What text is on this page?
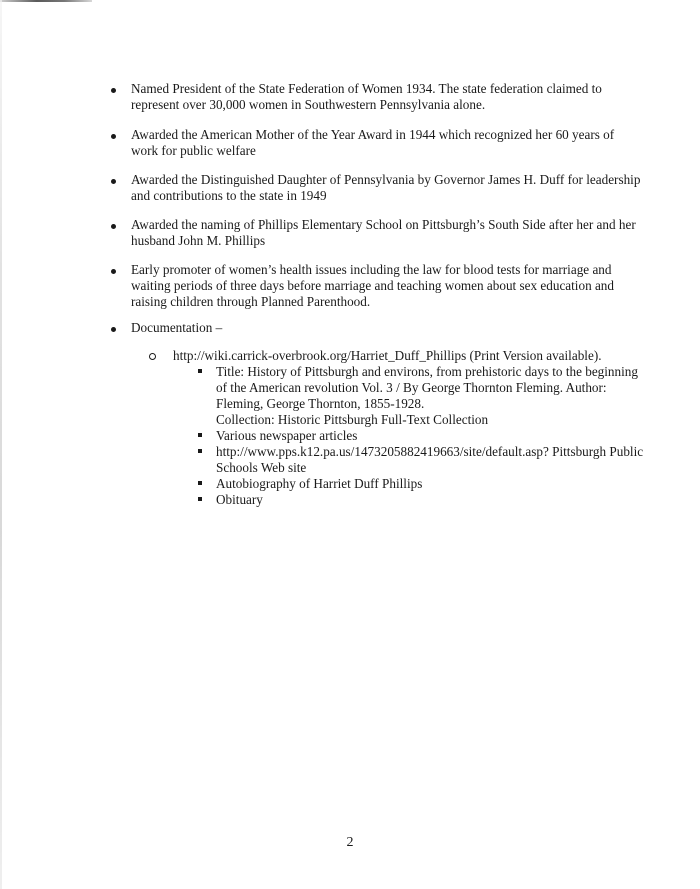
Named President of the State Federation of Women 1934. The state federation claimed to
represent over 30,000 women in Southwestern Pennsylvania alone.
Awarded the American Mother of the Year Award in 1944 which recognized her 60 years of
work for public welfare
Awarded the Distinguished Daughter of Pennsylvania by Governor James H. Duff for leadership
and contributions to the state in 1949
Awarded the naming of Phillips Elementary School on Pittsburgh’s South Side after her and her
husband John M. Phillips
Early promoter of women’s health issues including the law for blood tests for marriage and
waiting periods of three days before marriage and teaching women about sex education and
raising children through Planned Parenthood.
Documentation –
http://wiki.carrick-overbrook.org/Harriet_Duff_Phillips (Print Version available).
Title: History of Pittsburgh and environs, from prehistoric days to the beginning
of the American revolution Vol. 3 / By George Thornton Fleming. Author:
Fleming, George Thornton, 1855-1928.
Collection: Historic Pittsburgh Full-Text Collection
Various newspaper articles
http://www.pps.k12.pa.us/1473205882419663/site/default.asp? Pittsburgh Public
Schools Web site
Autobiography of Harriet Duff Phillips
Obituary
2
